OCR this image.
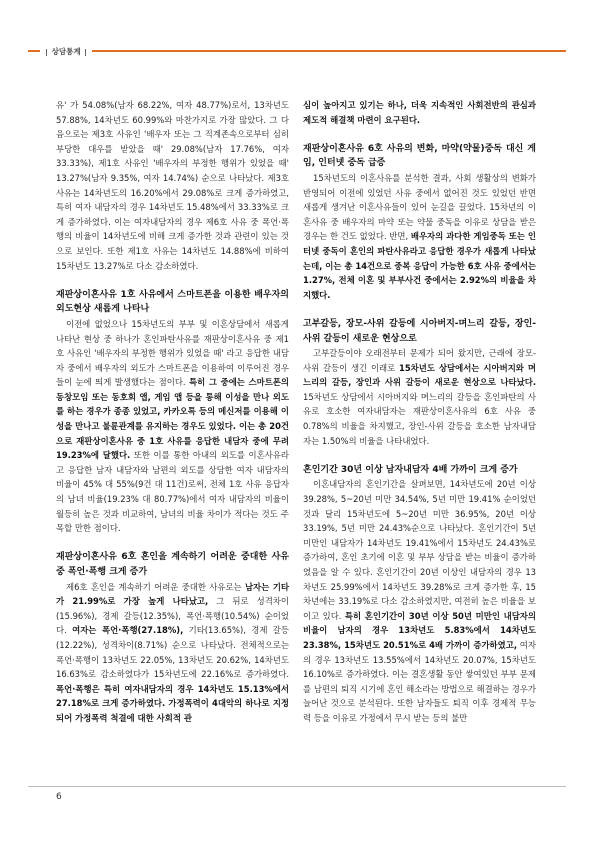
상담통계

유' 가 54.08%(남자 68.22%, 여자 48.77%)로서, 13차년도 57.88%, 14차년도 60.99%와 마찬가지로 가장 많았다. 그 다음으로는 제3호 사유인 '배우자 또는 그 직계존속으로부터 심히 부당한 대우를 받았을 때' 29.08%(남자 17.76%, 여자 33.33%), 제1호 사유인 '배우자의 부정한 행위가 있었을 때' 13.27%(남자 9.35%, 여자 14.74%) 순으로 나타났다. 제3호 사유는 14차년도의 16.20%에서 29.08%로 크게 증가하였고, 특히 여자 내담자의 경우 14차년도 15.48%에서 33.33%로 크게 증가하였다. 이는 여자내담자의 경우 제6호 사유 중 폭언·폭행의 비율이 14차년도에 비해 크게 증가한 것과 관련이 있는 것으로 보인다. 또한 제1호 사유는 14차년도 14.88%에 비하여 15차년도 13.27%로 다소 감소하였다.

재판상이혼사유 1호 사유에서 스마트폰을 이용한 배우자의 외도현상 새롭게 나타나

이전에 없었으나 15차년도의 부부 및 이혼상담에서 새롭게 나타난 현상 중 하나가 혼인파탄사유를 재판상이혼사유 중 제1호 사유인 '배우자의 부정한 행위가 있었을 때' 라고 응답한 내담자 중에서 배우자의 외도가 스마트폰을 이용하여 이루어진 경우들이 눈에 띄게 발생했다는 점이다. 특히 그 중에는 스마트폰의 동창모임 또는 동호회 앱, 게임 앱 등을 통해 이성을 만나 외도를 하는 경우가 종종 있었고, 카카오톡 등의 메신저를 이용해 이성을 만나고 불륜관계를 유지하는 경우도 있었다. 이는 총 20건으로 재판상이혼사유 중 1호 사유를 응답한 내담자 중에 무려 19.23%에 달했다. 또한 이를 통한 아내의 외도를 이혼사유라고 응답한 남자 내담자와 남편의 외도를 상담한 여자 내담자의 비율이 45% 대 55%(9건 대 11건)로써, 전체 1호 사유 응답자의 남녀 비율(19.23% 대 80.77%)에서 여자 내담자의 비율이 월등히 높은 것과 비교하여, 남녀의 비율 차이가 적다는 것도 주목할 만한 점이다.

재판상이혼사유 6호 혼인을 계속하기 어려운 중대한 사유 중 폭언·폭행 크게 증가

제6호 혼인을 계속하기 어려운 중대한 사유로는 남자는 기타가 21.99%로 가장 높게 나타났고, 그 뒤로 성격차이(15.96%), 경제 갈등(12.35%), 폭언·폭행(10.54%) 순이었다. 여자는 폭언·폭행(27.18%), 기타(13.65%), 경제 갈등(12.22%), 성격차이(8.71%) 순으로 나타났다. 전체적으로는 폭언·폭행이 13차년도 22.05%, 13차년도 20.62%, 14차년도 16.63%로 감소하였다가 15차년도에 22.16%로 증가하였다. 폭언·폭행은 특히 여자내담자의 경우 14차년도 15.13%에서 27.18%로 크게 증가하였다. 가정폭력이 4대악의 하나로 지정되어 가정폭력 척결에 대한 사회적 관

심이 높아지고 있기는 하나, 더욱 지속적인 사회전반의 관심과 제도적 해결책 마련이 요구된다.

재판상이혼사유 6호 사유의 변화, 마약(약물)중독 대신 게임, 인터넷 중독 급증

15차년도의 이혼사유를 분석한 결과, 사회 생활상의 변화가 반영되어 이전에 있었던 사유 중에서 없어진 것도 있었던 반면 새롭게 생겨난 이혼사유들이 있어 눈길을 끌었다. 15차년의 이혼사유 중 배우자의 마약 또는 약물 중독을 이유로 상담을 받은 경우는 한 건도 없었다. 반면, 배우자의 과다한 게임중독 또는 인터넷 중독이 혼인의 파탄사유라고 응답한 경우가 새롭게 나타났는데, 이는 총 14건으로 중복 응답이 가능한 6호 사유 중에서는 1.27%, 전체 이혼 및 부부사건 중에서는 2.92%의 비율을 차지했다.

고부갈등, 장모-사위 갈등에 시아버지-며느리 갈등, 장인-사위 갈등이 새로운 현상으로

고부갈등이야 오래전부터 문제가 되어 왔지만, 근래에 장모-사위 갈등이 생긴 이래로 15차년도 상담에서는 시아버지와 며느리의 갈등, 장인과 사위 갈등이 새로운 현상으로 나타났다. 15차년도 상담에서 시아버지와 며느리의 갈등을 혼인파탄의 사유로 호소한 여자내담자는 재판상이혼사유의 6호 사유 중 0.78%의 비율을 차지했고, 장인-사위 갈등을 호소한 남자내담자는 1.50%의 비율을 나타내었다.

혼인기간 30년 이상 남자내담자 4배 가까이 크게 증가

이혼내담자의 혼인기간을 살펴보면, 14차년도에 20년 이상 39.28%, 5~20년 미만 34.54%, 5년 미만 19.41% 순이었던 것과 달리 15차년도에 5~20년 미만 36.95%, 20년 이상 33.19%, 5년 미만 24.43%순으로 나타났다. 혼인기간이 5년 미만인 내담자가 14차년도 19.41%에서 15차년도 24.43%로 증가하여, 혼인 초기에 이혼 및 부부 상담을 받는 비율이 증가하였음을 알 수 있다. 혼인기간이 20년 이상인 내담자의 경우 13차년도 25.99%에서 14차년도 39.28%로 크게 증가한 후, 15차년에는 33.19%로 다소 감소하였지만, 여전히 높은 비율을 보이고 있다. 특히 혼인기간이 30년 이상 50년 미만인 내담자의 비율이 남자의 경우 13차년도 5.83%에서 14차년도 23.38%, 15차년도 20.51%로 4배 가까이 증가하였고, 여자의 경우 13차년도 13.55%에서 14차년도 20.07%, 15차년도 16.10%로 증가하였다. 이는 결혼생활 동안 쌓여있던 부부 문제를 남편의 퇴직 시기에 혼인 해소라는 방법으로 해결하는 경우가 늘어난 것으로 분석된다. 또한 남자들도 퇴직 이후 경제적 무능력 등을 이유로 가정에서 무시 받는 등의 불만

6
